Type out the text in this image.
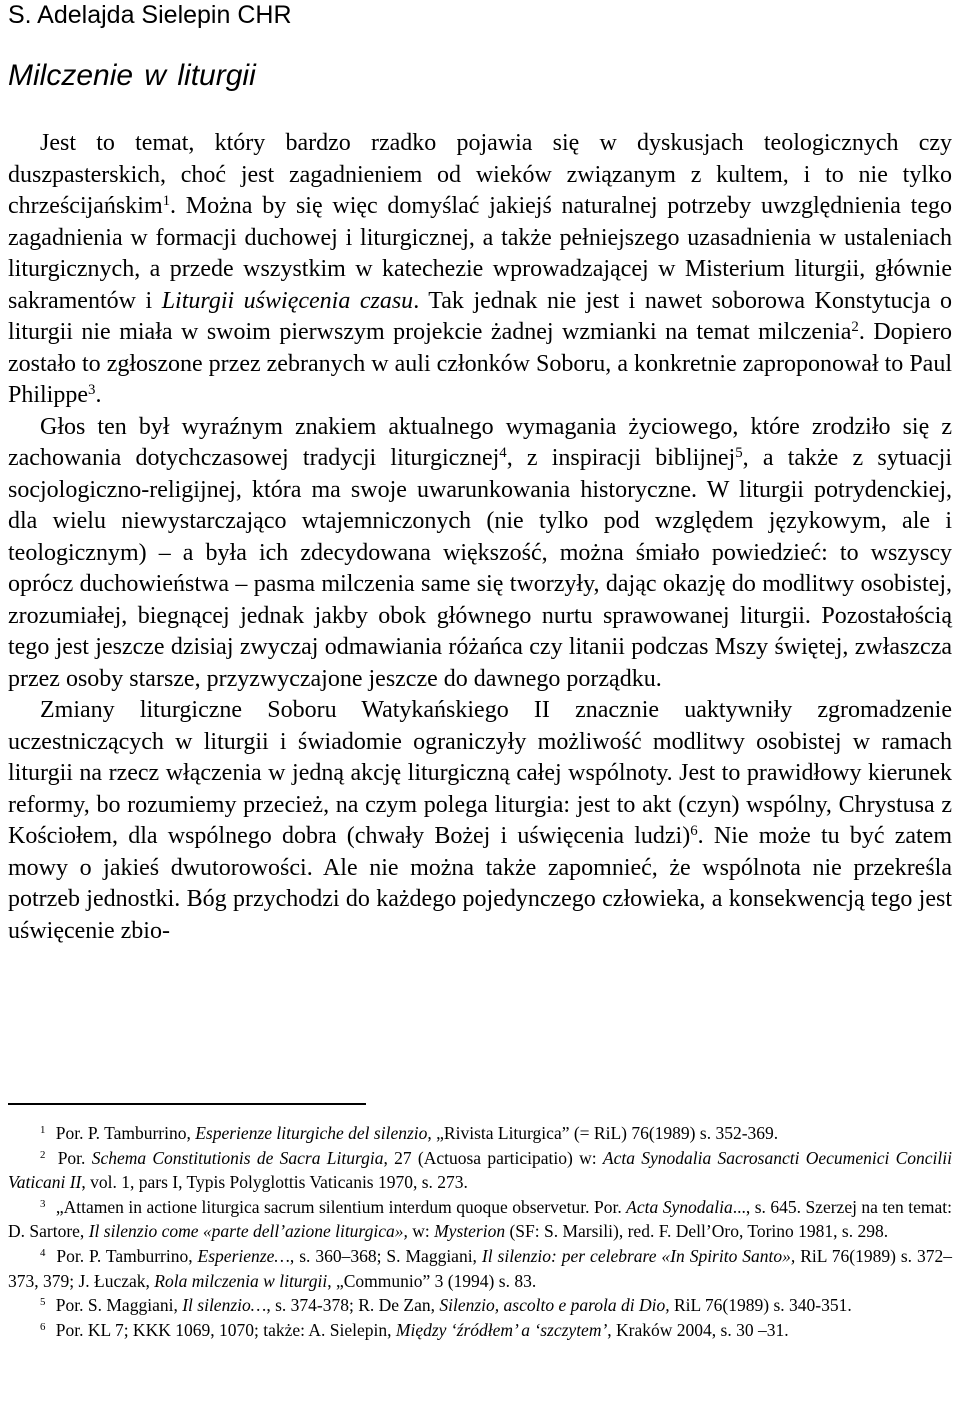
S. Adelajda Sielepin CHR
Milczenie w liturgii

Jest to temat, który bardzo rzadko pojawia się w dyskusjach teologicznych czy duszpasterskich, choć jest zagadnieniem od wieków związanym z kultem, i to nie tylko chrześcijańskim$^1$. Można by się więc domyślać jakiejś naturalnej potrzeby uwzględnienia tego zagadnienia w formacji duchowej i liturgicznej, a także pełniejszego uzasadnienia w ustaleniach liturgicznych, a przede wszystkim w katechezie wprowadzającej w Misterium liturgii, głównie sakramentów i Liturgii uświęcenia czasu. Tak jednak nie jest i nawet soborowa Konstytucja o liturgii nie miała w swoim pierwszym projekcie żadnej wzmianki na temat milczenia$^2$. Dopiero zostało to zgłoszone przez zebranych w auli członków Soboru, a konkretnie zaproponował to Paul Philippe$^3$.

Głos ten był wyraźnym znakiem aktualnego wymagania życiowego, które zrodziło się z zachowania dotychczasowej tradycji liturgicznej$^4$, z inspiracji biblijnej$^5$, a także z sytuacji socjologiczno-religijnej, która ma swoje uwarunkowania historyczne. W liturgii potrydenckiej, dla wielu niewystarczająco wtajemniczonych (nie tylko pod względem językowym, ale i teologicznym) – a była ich zdecydowana większość, można śmiało powiedzieć: to wszyscy oprócz duchowieństwa – pasma milczenia same się tworzyły, dając okazję do modlitwy osobistej, zrozumiałej, biegnącej jednak jakby obok głównego nurtu sprawowanej liturgii. Pozostałością tego jest jeszcze dzisiaj zwyczaj odmawiania różańca czy litanii podczas Mszy świętej, zwłaszcza przez osoby starsze, przyzwyczajone jeszcze do dawnego porządku.

Zmiany liturgiczne Soboru Watykańskiego II znacznie uaktywniły zgromadzenie uczestniczących w liturgii i świadomie ograniczyły możliwość modlitwy osobistej w ramach liturgii na rzecz włączenia w jedną akcję liturgiczną całej wspólnoty. Jest to prawidłowy kierunek reformy, bo rozumiemy przecież, na czym polega liturgia: jest to akt (czyn) wspólny, Chrystusa z Kościołem, dla wspólnego dobra (chwały Bożej i uświęcenia ludzi)$^6$. Nie może tu być zatem mowy o jakieś dwutorowości. Ale nie można także zapomnieć, że wspólnota nie przekreśla potrzeb jednostki. Bóg przychodzi do każdego pojedynczego człowieka, a konsekwencją tego jest uświęcenie zbio-

$^1$ Por. P. Tamburrino, Esperienze liturgiche del silenzio, „Rivista Liturgica” (= RiL) 76(1989) s. 352-369.

$^2$ Por. Schema Constitutionis de Sacra Liturgia, 27 (Actuosa participatio) w: Acta Synodalia Sacrosancti Oecumenici Concilii Vaticani II, vol. 1, pars I, Typis Polyglottis Vaticanis 1970, s. 273.

$^3$ „Attamen in actione liturgica sacrum silentium interdum quoque observetur. Por. Acta Synodalia..., s. 645. Szerzej na ten temat: D. Sartore, Il silenzio come «parte dell’azione liturgica», w: Mysterion (SF: S. Marsili), red. F. Dell’Oro, Torino 1981, s. 298.

$^4$ Por. P. Tamburrino, Esperienze…, s. 360–368; S. Maggiani, Il silenzio: per celebrare «In Spirito Santo», RiL 76(1989) s. 372–373, 379; J. Łuczak, Rola milczenia w liturgii, „Communio” 3 (1994) s. 83.

$^5$ Por. S. Maggiani, Il silenzio…, s. 374-378; R. De Zan, Silenzio, ascolto e parola di Dio, RiL 76(1989) s. 340-351.

$^6$ Por. KL 7; KKK 1069, 1070; także: A. Sielepin, Między ‘źródłem’ a ‘szczytem’, Kraków 2004, s. 30 –31.
